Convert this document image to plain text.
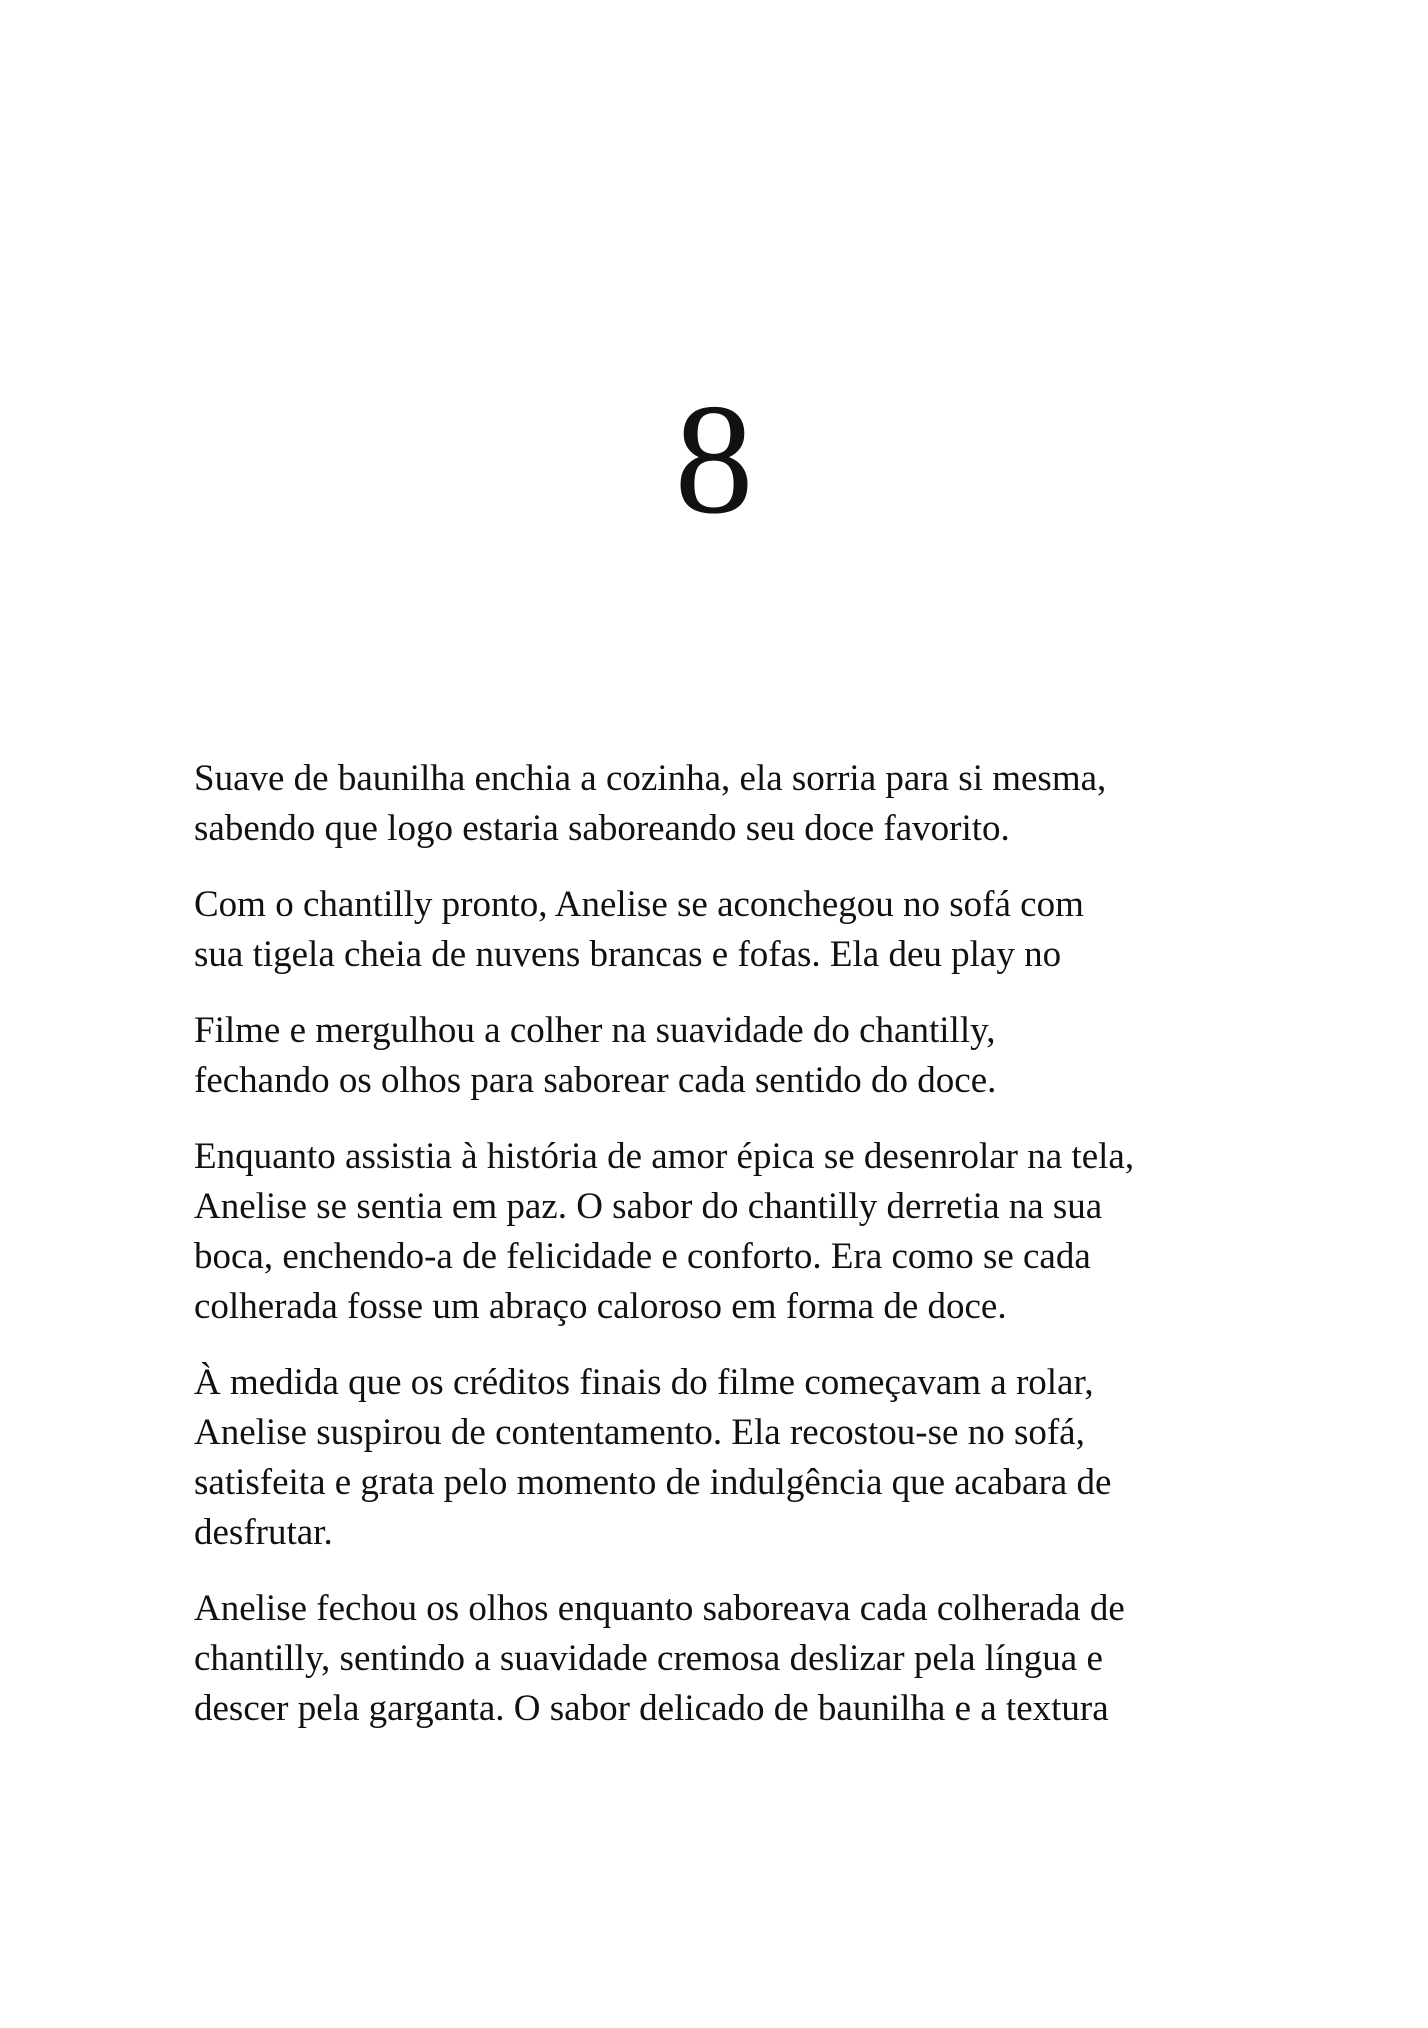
8

Suave de baunilha enchia a cozinha, ela sorria para si mesma,
sabendo que logo estaria saboreando seu doce favorito.

Com o chantilly pronto, Anelise se aconchegou no sofá com
sua tigela cheia de nuvens brancas e fofas. Ela deu play no

Filme e mergulhou a colher na suavidade do chantilly,
fechando os olhos para saborear cada sentido do doce.

Enquanto assistia à história de amor épica se desenrolar na tela,
Anelise se sentia em paz. O sabor do chantilly derretia na sua
boca, enchendo-a de felicidade e conforto. Era como se cada
colherada fosse um abraço caloroso em forma de doce.

À medida que os créditos finais do filme começavam a rolar,
Anelise suspirou de contentamento. Ela recostou-se no sofá,
satisfeita e grata pelo momento de indulgência que acabara de
desfrutar.

Anelise fechou os olhos enquanto saboreava cada colherada de
chantilly, sentindo a suavidade cremosa deslizar pela língua e
descer pela garganta. O sabor delicado de baunilha e a textura
